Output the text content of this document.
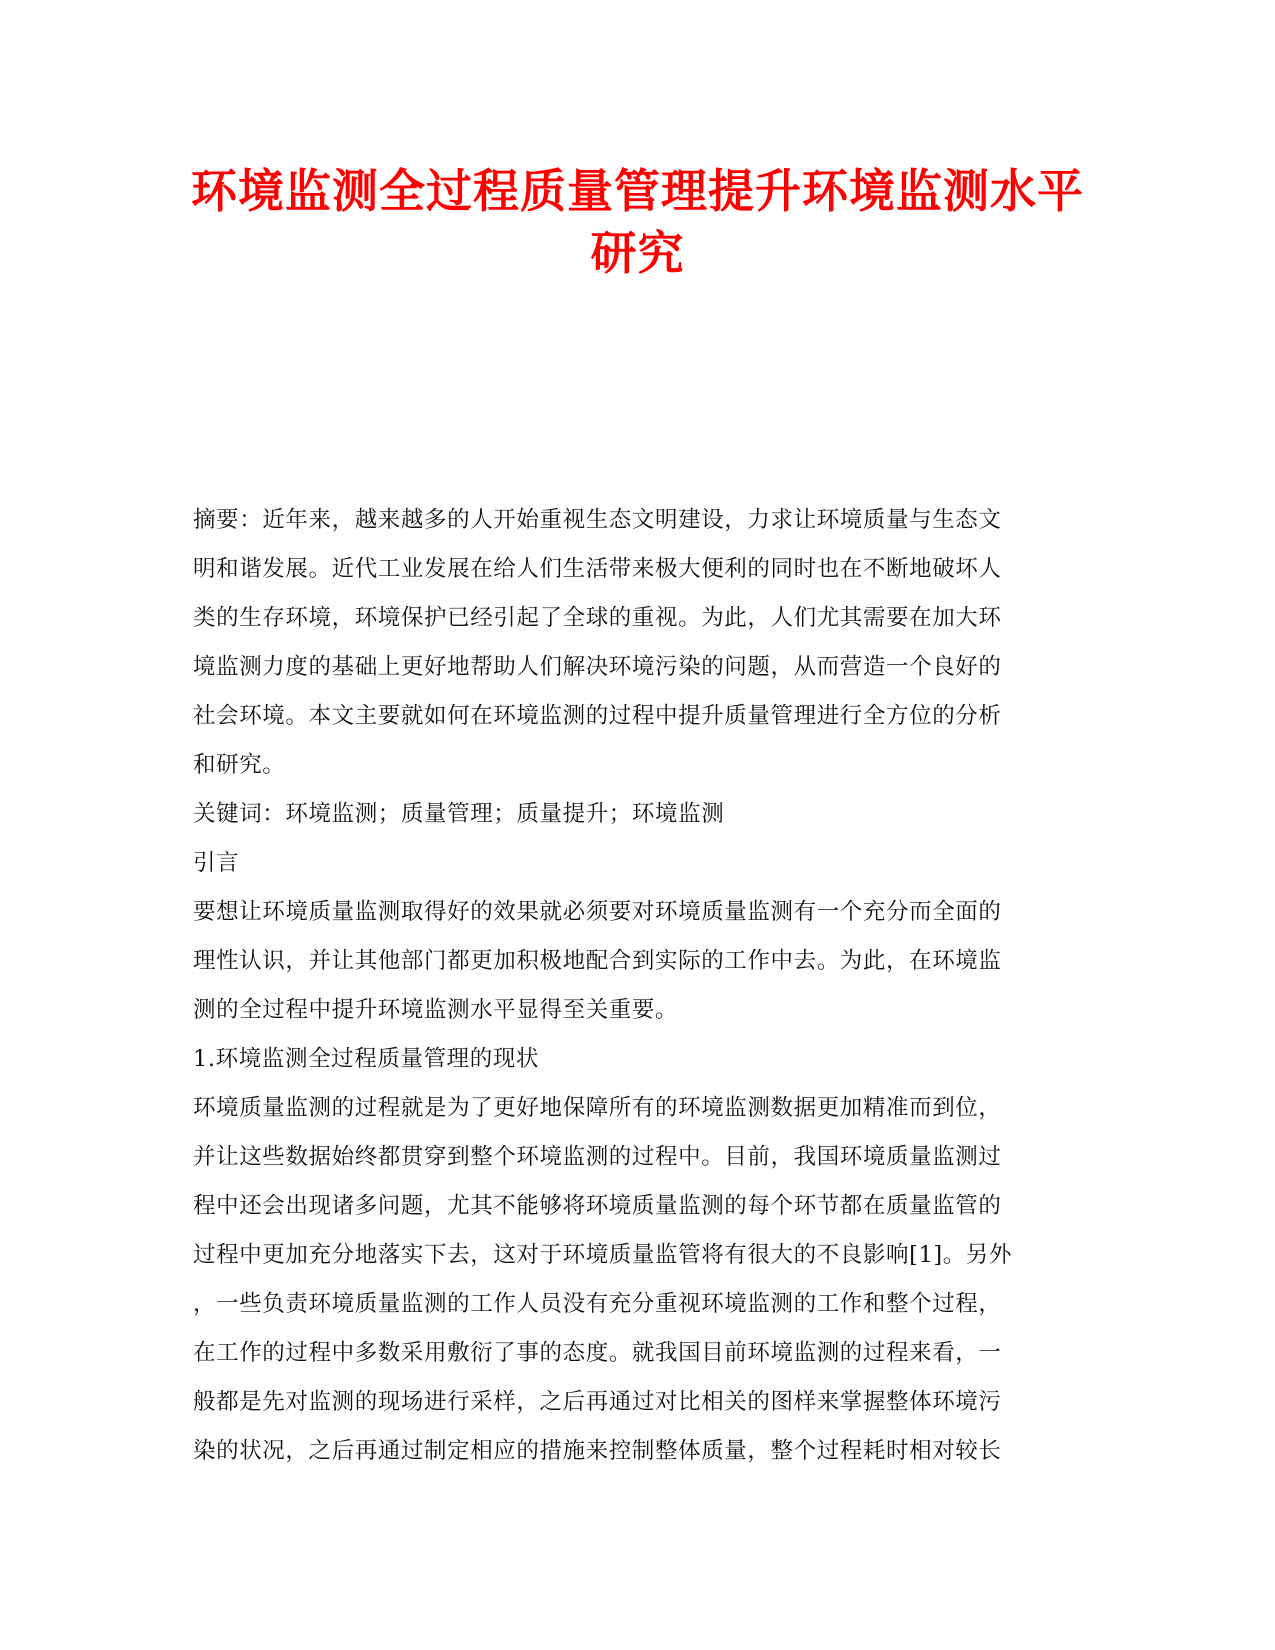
环境监测全过程质量管理提升环境监测水平
研究
摘要：近年来，越来越多的人开始重视生态文明建设，力求让环境质量与生态文
明和谐发展。近代工业发展在给人们生活带来极大便利的同时也在不断地破坏人
类的生存环境，环境保护已经引起了全球的重视。为此，人们尤其需要在加大环
境监测力度的基础上更好地帮助人们解决环境污染的问题，从而营造一个良好的
社会环境。本文主要就如何在环境监测的过程中提升质量管理进行全方位的分析
和研究。
关键词：环境监测；质量管理；质量提升；环境监测
引言
要想让环境质量监测取得好的效果就必须要对环境质量监测有一个充分而全面的
理性认识，并让其他部门都更加积极地配合到实际的工作中去。为此，在环境监
测的全过程中提升环境监测水平显得至关重要。
1.环境监测全过程质量管理的现状
环境质量监测的过程就是为了更好地保障所有的环境监测数据更加精准而到位，
并让这些数据始终都贯穿到整个环境监测的过程中。目前，我国环境质量监测过
程中还会出现诸多问题，尤其不能够将环境质量监测的每个环节都在质量监管的
过程中更加充分地落实下去，这对于环境质量监管将有很大的不良影响[1]。另外
，一些负责环境质量监测的工作人员没有充分重视环境监测的工作和整个过程，
在工作的过程中多数采用敷衍了事的态度。就我国目前环境监测的过程来看，一
般都是先对监测的现场进行采样，之后再通过对比相关的图样来掌握整体环境污
染的状况，之后再通过制定相应的措施来控制整体质量，整个过程耗时相对较长
